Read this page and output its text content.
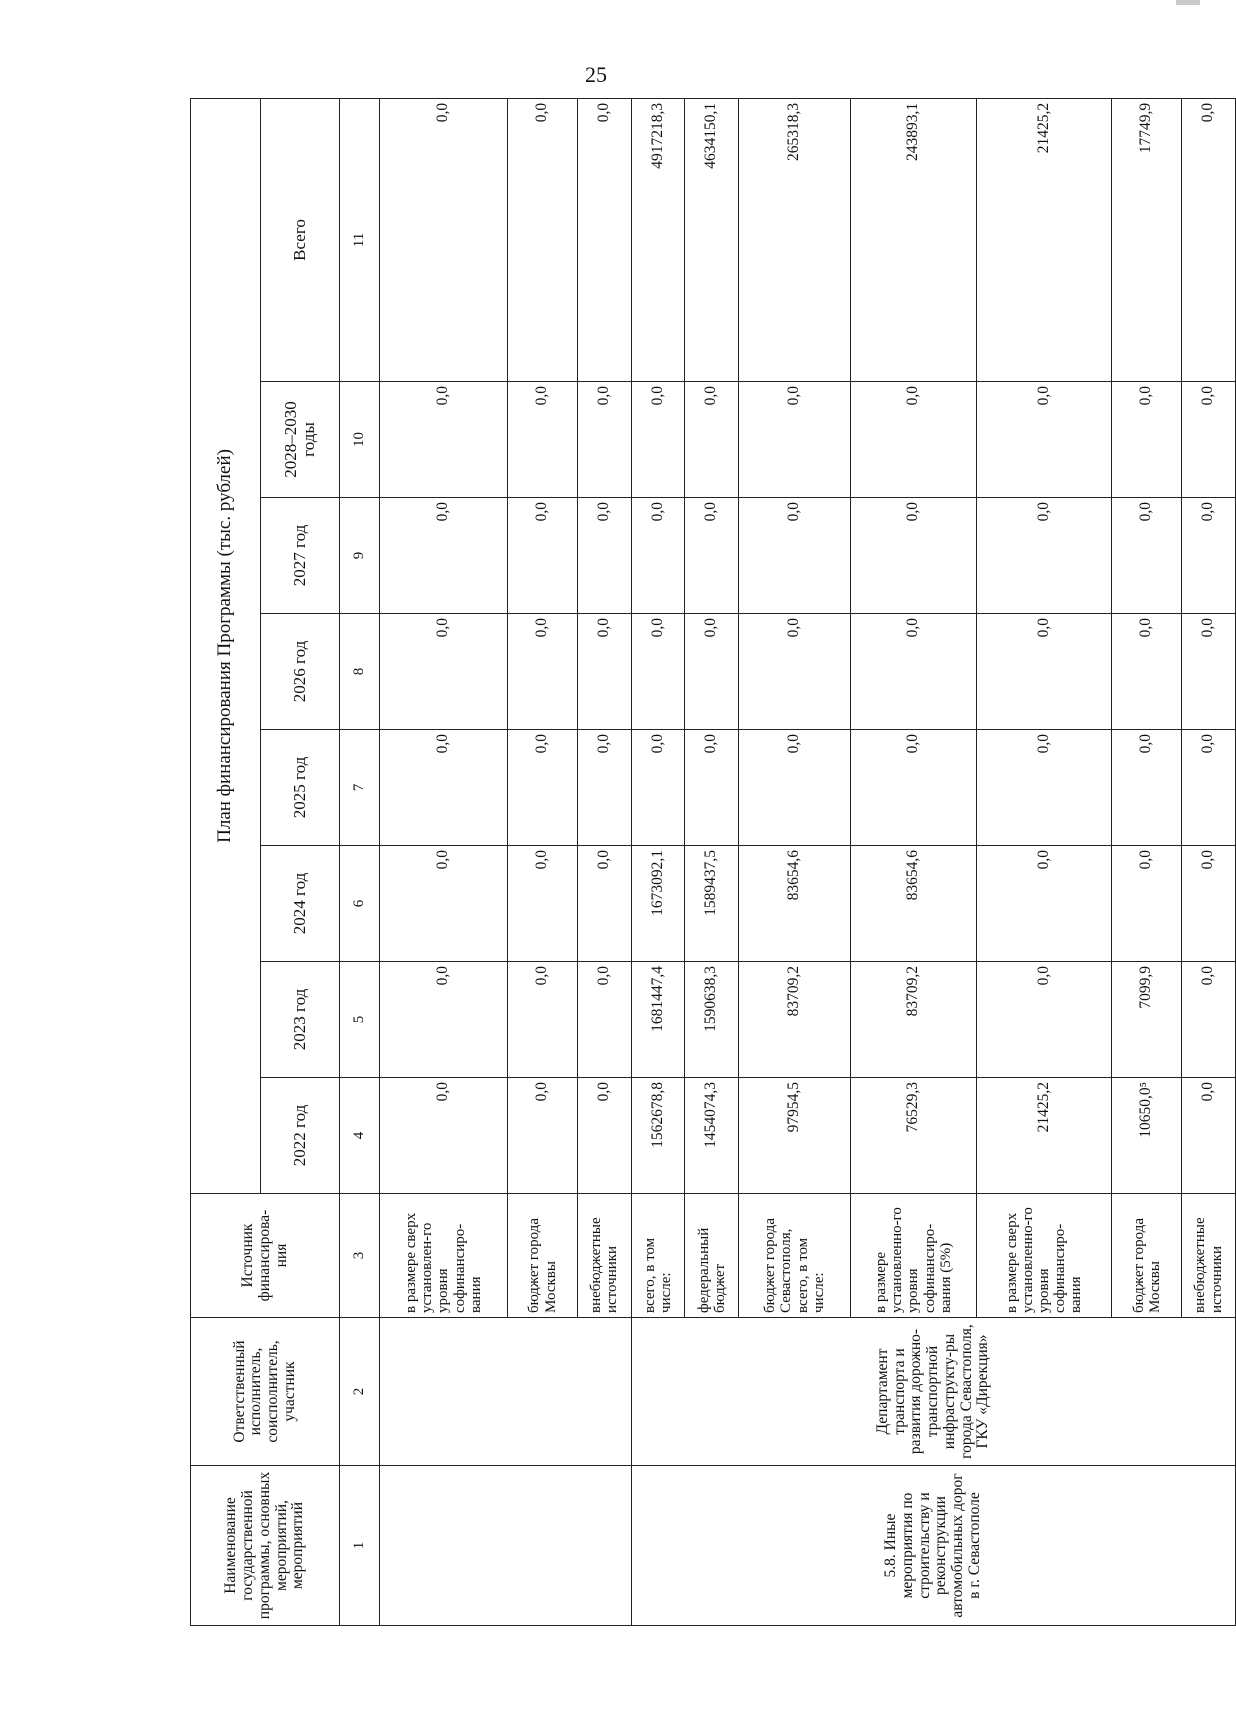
25
Наименование государственной программы, основных мероприятий, мероприятий	Ответственный исполнитель, соисполнитель, участник	Источник финансирова-ния	План финансирования Программы (тыс. рублей)							
			2022 год	2023 год	2024 год	2025 год	2026 год	2027 год	2028–2030 годы	Всего
1	2	3	4	5	6	7	8	9	10	11
		в размере сверх установлен-го уровня софинансиро-вания	0,0	0,0	0,0	0,0	0,0	0,0	0,0	0,0
		бюджет города Москвы	0,0	0,0	0,0	0,0	0,0	0,0	0,0	0,0
		внебюджетные источники	0,0	0,0	0,0	0,0	0,0	0,0	0,0	0,0
5.8. Иные мероприятия по строительству и реконструкции автомобильных дорог в г. Севастополе	Департамент транспорта и развития дорожно-транспортной инфраструкту-ры города Севастополя, ГКУ «Дирекция»	всего, в том числе:	1562678,8	1681447,4	1673092,1	0,0	0,0	0,0	0,0	4917218,3
		федеральный бюджет	1454074,3	1590638,3	1589437,5	0,0	0,0	0,0	0,0	4634150,1
		бюджет города Севастополя, всего, в том числе:	97954,5	83709,2	83654,6	0,0	0,0	0,0	0,0	265318,3
		в размере установленно-го уровня софинансиро-вания (5%)	76529,3	83709,2	83654,6	0,0	0,0	0,0	0,0	243893,1
		в размере сверх установленно-го уровня софинансиро-вания	21425,2	0,0	0,0	0,0	0,0	0,0	0,0	21425,2
		бюджет города Москвы	10650,0⁵	7099,9	0,0	0,0	0,0	0,0	0,0	17749,9
		внебюджетные источники	0,0	0,0	0,0	0,0	0,0	0,0	0,0	0,0
